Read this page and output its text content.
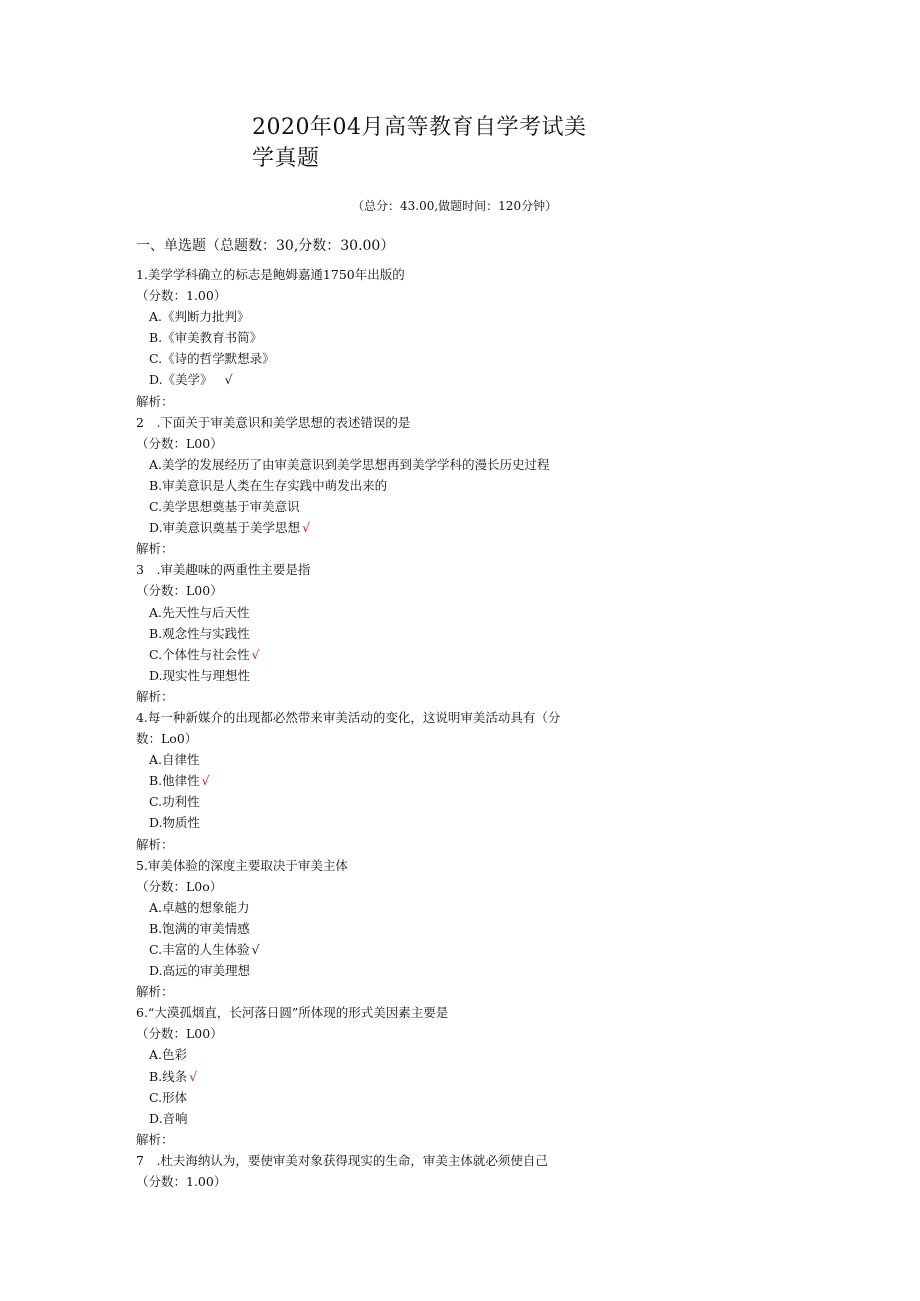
2020年04月高等教育自学考试美学真题
（总分：43.00,做题时间：120分钟）
一、单选题（总题数：30,分数：30.00）
1.美学学科确立的标志是鲍姆嘉通1750年出版的
（分数：1.00）
A.《判断力批判》
B.《审美教育书简》
C.《诗的哲学默想录》
D.《美学》 √
解析：
2　.下面关于审美意识和美学思想的表述错误的是
（分数：L00）
A.美学的发展经历了由审美意识到美学思想再到美学学科的漫长历史过程
B.审美意识是人类在生存实践中萌发出来的
C.美学思想奠基于审美意识
D.审美意识奠基于美学思想 √
解析：
3　.审美趣味的两重性主要是指
（分数：L00）
A.先天性与后天性
B.观念性与实践性
C.个体性与社会性 √
D.现实性与理想性
解析：
4.每一种新媒介的出现都必然带来审美活动的变化，这说明审美活动具有（分
数：Lo0）
A.自律性
B.他律性 √
C.功利性
D.物质性
解析：
5.审美体验的深度主要取决于审美主体
（分数：L0o）
A.卓越的想象能力
B.饱满的审美情感
C.丰富的人生体验 √
D.高远的审美理想
解析：
6.“大漠孤烟直，长河落日圆”所体现的形式美因素主要是
（分数：L00）
A.色彩
B.线条 √
C.形体
D.音响
解析：
7　.杜夫海纳认为，要使审美对象获得现实的生命，审美主体就必须使自己
（分数：1.00）
